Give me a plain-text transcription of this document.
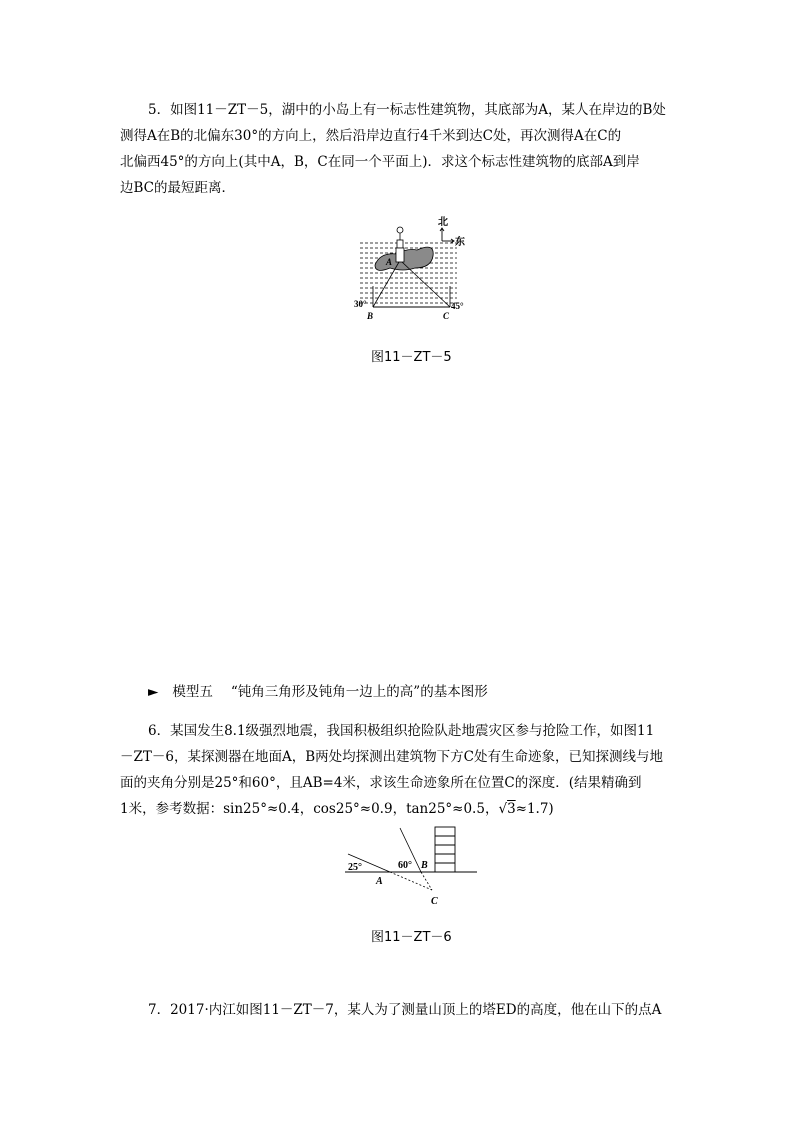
5．如图11－ZT－5，湖中的小岛上有一标志性建筑物，其底部为A，某人在岸边的B处
测得A在B的北偏东30°的方向上，然后沿岸边直行4千米到达C处，再次测得A在C的
北偏西45°的方向上(其中A，B，C在同一个平面上)．求这个标志性建筑物的底部A到岸
边BC的最短距离．
北
东
A
B	C
30°	45°
图11－ZT－5
► 模型五 “钝角三角形及钝角一边上的高”的基本图形
6．某国发生8.1级强烈地震，我国积极组织抢险队赴地震灾区参与抢险工作，如图11
－ZT－6，某探测器在地面A，B两处均探测出建筑物下方C处有生命迹象，已知探测线与地
面的夹角分别是25°和60°，且AB=4米，求该生命迹象所在位置C的深度．(结果精确到
1米，参考数据：sin25°≈0.4，cos25°≈0.9，tan25°≈0.5，√3≈1.7)
25°	60°
A
B
C
图11－ZT－6
7．2017·内江如图11－ZT－7，某人为了测量山顶上的塔ED的高度，他在山下的点A
